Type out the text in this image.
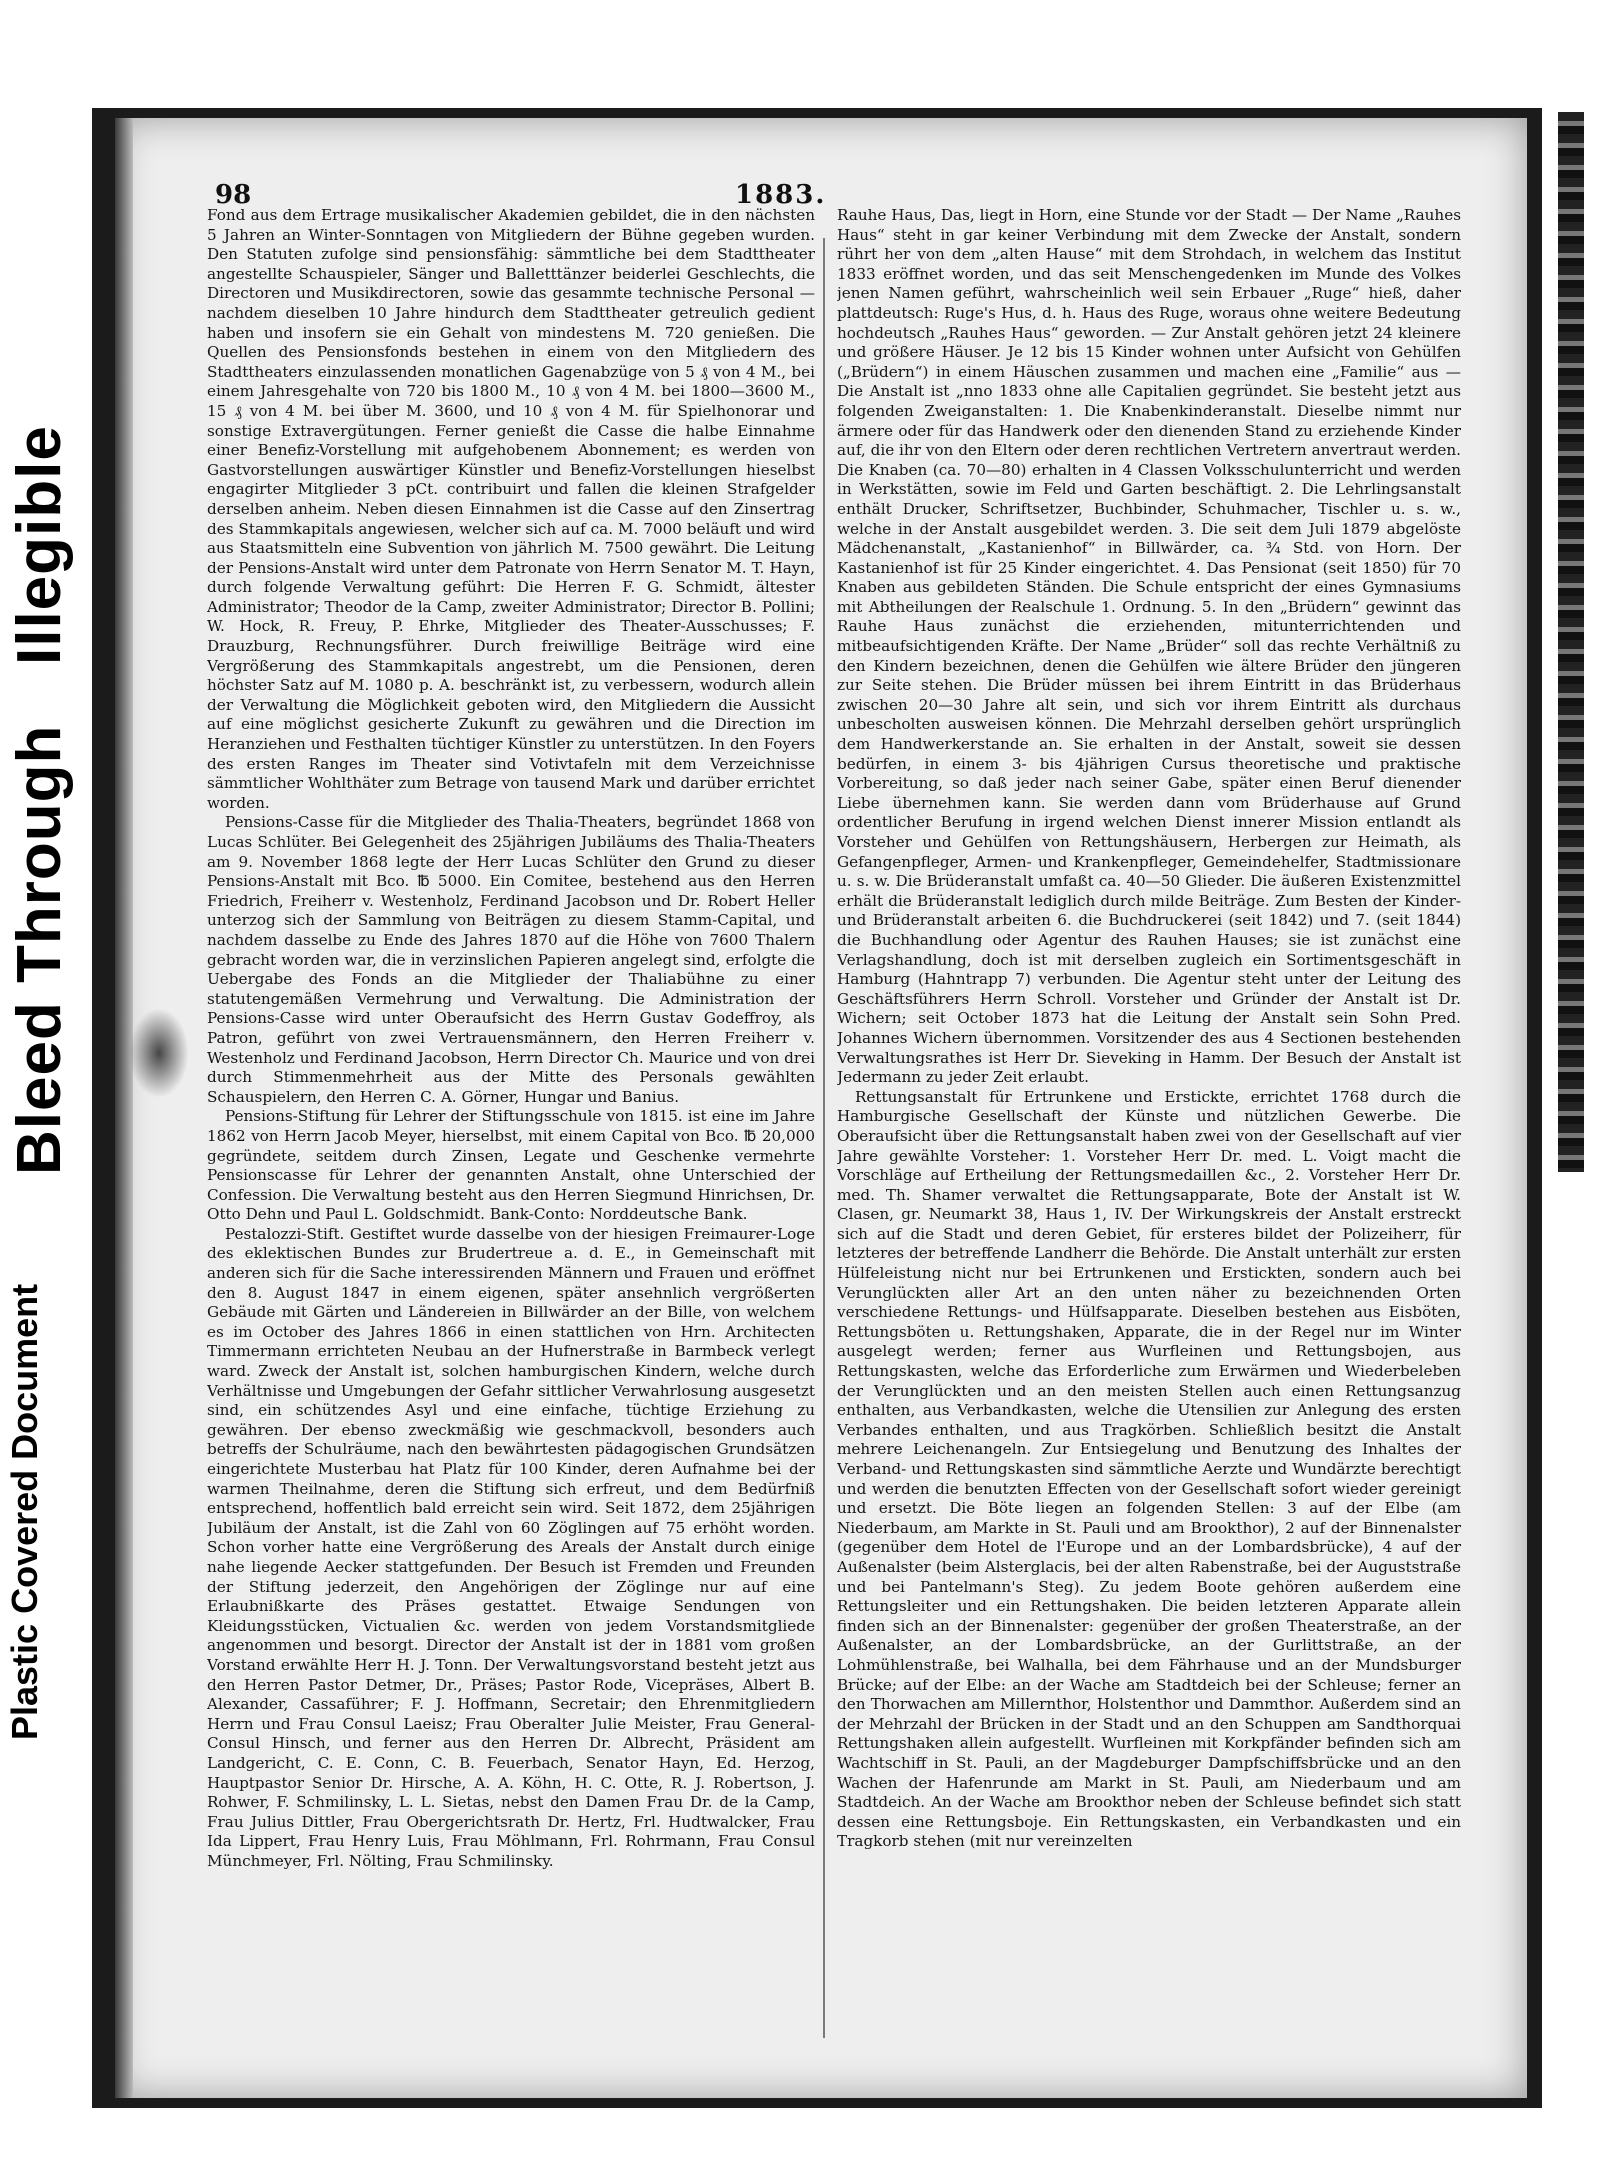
Plastic Covered Document
Bleed Through
Illegible
98	1883.

Fond aus dem Ertrage musikalischer Akademien gebildet, die in den nächsten 5 Jahren an Winter-Sonntagen von Mitgliedern der Bühne gegeben wurden. Den Statuten zufolge sind pensionsfähig: sämmtliche bei dem Stadttheater angestellte Schauspieler, Sänger und Balletttänzer beiderlei Geschlechts, die Directoren und Musikdirectoren, sowie das gesammte technische Personal — nachdem dieselben 10 Jahre hindurch dem Stadttheater getreulich gedient haben und insofern sie ein Gehalt von mindestens M. 720 genießen. Die Quellen des Pensionsfonds bestehen in einem von den Mitgliedern des Stadttheaters einzulassenden monatlichen Gagenabzüge von 5 ₰ von 4 M., bei einem Jahresgehalte von 720 bis 1800 M., 10 ₰ von 4 M. bei 1800—3600 M., 15 ₰ von 4 M. bei über M. 3600, und 10 ₰ von 4 M. für Spielhonorar und sonstige Extravergütungen. Ferner genießt die Casse die halbe Einnahme einer Benefiz-Vorstellung mit aufgehobenem Abonnement; es werden von Gastvorstellungen auswärtiger Künstler und Benefiz-Vorstellungen hieselbst engagirter Mitglieder 3 pCt. contribuirt und fallen die kleinen Strafgelder derselben anheim. Neben diesen Einnahmen ist die Casse auf den Zinsertrag des Stammkapitals angewiesen, welcher sich auf ca. M. 7000 beläuft und wird aus Staatsmitteln eine Subvention von jährlich M. 7500 gewährt. Die Leitung der Pensions-Anstalt wird unter dem Patronate von Herrn Senator M. T. Hayn, durch folgende Verwaltung geführt: Die Herren F. G. Schmidt, ältester Administrator; Theodor de la Camp, zweiter Administrator; Director B. Pollini; W. Hock, R. Freuy, P. Ehrke, Mitglieder des Theater-Ausschusses; F. Drauzburg, Rechnungsführer. Durch freiwillige Beiträge wird eine Vergrößerung des Stammkapitals angestrebt, um die Pensionen, deren höchster Satz auf M. 1080 p. A. beschränkt ist, zu verbessern, wodurch allein der Verwaltung die Möglichkeit geboten wird, den Mitgliedern die Aussicht auf eine möglichst gesicherte Zukunft zu gewähren und die Direction im Heranziehen und Festhalten tüchtiger Künstler zu unterstützen. In den Foyers des ersten Ranges im Theater sind Votivtafeln mit dem Verzeichnisse sämmtlicher Wohlthäter zum Betrage von tausend Mark und darüber errichtet worden.

Pensions-Casse für die Mitglieder des Thalia-Theaters, begründet 1868 von Lucas Schlüter. Bei Gelegenheit des 25jährigen Jubiläums des Thalia-Theaters am 9. November 1868 legte der Herr Lucas Schlüter den Grund zu dieser Pensions-Anstalt mit Bco. ℔ 5000. Ein Comitee, bestehend aus den Herren Friedrich, Freiherr v. Westenholz, Ferdinand Jacobson und Dr. Robert Heller unterzog sich der Sammlung von Beiträgen zu diesem Stamm-Capital, und nachdem dasselbe zu Ende des Jahres 1870 auf die Höhe von 7600 Thalern gebracht worden war, die in verzinslichen Papieren angelegt sind, erfolgte die Uebergabe des Fonds an die Mitglieder der Thaliabühne zu einer statutengemäßen Vermehrung und Verwaltung. Die Administration der Pensions-Casse wird unter Oberaufsicht des Herrn Gustav Godeffroy, als Patron, geführt von zwei Vertrauensmännern, den Herren Freiherr v. Westenholz und Ferdinand Jacobson, Herrn Director Ch. Maurice und von drei durch Stimmenmehrheit aus der Mitte des Personals gewählten Schauspielern, den Herren C. A. Görner, Hungar und Banius.

Pensions-Stiftung für Lehrer der Stiftungsschule von 1815. ist eine im Jahre 1862 von Herrn Jacob Meyer, hierselbst, mit einem Capital von Bco. ℔ 20,000 gegründete, seitdem durch Zinsen, Legate und Geschenke vermehrte Pensionscasse für Lehrer der genannten Anstalt, ohne Unterschied der Confession. Die Verwaltung besteht aus den Herren Siegmund Hinrichsen, Dr. Otto Dehn und Paul L. Goldschmidt. Bank-Conto: Norddeutsche Bank.

Pestalozzi-Stift. Gestiftet wurde dasselbe von der hiesigen Freimaurer-Loge des eklektischen Bundes zur Brudertreue a. d. E., in Gemeinschaft mit anderen sich für die Sache interessirenden Männern und Frauen und eröffnet den 8. August 1847 in einem eigenen, später ansehnlich vergrößerten Gebäude mit Gärten und Ländereien in Billwärder an der Bille, von welchem es im October des Jahres 1866 in einen stattlichen von Hrn. Architecten Timmermann errichteten Neubau an der Hufnerstraße in Barmbeck verlegt ward. Zweck der Anstalt ist, solchen hamburgischen Kindern, welche durch Verhältnisse und Umgebungen der Gefahr sittlicher Verwahrlosung ausgesetzt sind, ein schützendes Asyl und eine einfache, tüchtige Erziehung zu gewähren. Der ebenso zweckmäßig wie geschmackvoll, besonders auch betreffs der Schulräume, nach den bewährtesten pädagogischen Grundsätzen eingerichtete Musterbau hat Platz für 100 Kinder, deren Aufnahme bei der warmen Theilnahme, deren die Stiftung sich erfreut, und dem Bedürfniß entsprechend, hoffentlich bald erreicht sein wird. Seit 1872, dem 25jährigen Jubiläum der Anstalt, ist die Zahl von 60 Zöglingen auf 75 erhöht worden. Schon vorher hatte eine Vergrößerung des Areals der Anstalt durch einige nahe liegende Aecker stattgefunden. Der Besuch ist Fremden und Freunden der Stiftung jederzeit, den Angehörigen der Zöglinge nur auf eine Erlaubnißkarte des Präses gestattet. Etwaige Sendungen von Kleidungsstücken, Victualien &c. werden von jedem Vorstandsmitgliede angenommen und besorgt. Director der Anstalt ist der in 1881 vom großen Vorstand erwählte Herr H. J. Tonn. Der Verwaltungsvorstand besteht jetzt aus den Herren Pastor Detmer, Dr., Präses; Pastor Rode, Vicepräses, Albert B. Alexander, Cassaführer; F. J. Hoffmann, Secretair; den Ehrenmitgliedern Herrn und Frau Consul Laeisz; Frau Oberalter Julie Meister, Frau General-Consul Hinsch, und ferner aus den Herren Dr. Albrecht, Präsident am Landgericht, C. E. Conn, C. B. Feuerbach, Senator Hayn, Ed. Herzog, Hauptpastor Senior Dr. Hirsche, A. A. Köhn, H. C. Otte, R. J. Robertson, J. Rohwer, F. Schmilinsky, L. L. Sietas, nebst den Damen Frau Dr. de la Camp, Frau Julius Dittler, Frau Obergerichtsrath Dr. Hertz, Frl. Hudtwalcker, Frau Ida Lippert, Frau Henry Luis, Frau Möhlmann, Frl. Rohrmann, Frau Consul Münchmeyer, Frl. Nölting, Frau Schmilinsky.

Rauhe Haus, Das, liegt in Horn, eine Stunde vor der Stadt — Der Name „Rauhes Haus“ steht in gar keiner Verbindung mit dem Zwecke der Anstalt, sondern rührt her von dem „alten Hause“ mit dem Strohdach, in welchem das Institut 1833 eröffnet worden, und das seit Menschengedenken im Munde des Volkes jenen Namen geführt, wahrscheinlich weil sein Erbauer „Ruge“ hieß, daher plattdeutsch: Ruge's Hus, d. h. Haus des Ruge, woraus ohne weitere Bedeutung hochdeutsch „Rauhes Haus“ geworden. — Zur Anstalt gehören jetzt 24 kleinere und größere Häuser. Je 12 bis 15 Kinder wohnen unter Aufsicht von Gehülfen („Brüdern“) in einem Häuschen zusammen und machen eine „Familie“ aus — Die Anstalt ist „nno 1833 ohne alle Capitalien gegründet. Sie besteht jetzt aus folgenden Zweiganstalten: 1. Die Knabenkinderanstalt. Dieselbe nimmt nur ärmere oder für das Handwerk oder den dienenden Stand zu erziehende Kinder auf, die ihr von den Eltern oder deren rechtlichen Vertretern anvertraut werden. Die Knaben (ca. 70—80) erhalten in 4 Classen Volksschulunterricht und werden in Werkstätten, sowie im Feld und Garten beschäftigt. 2. Die Lehrlingsanstalt enthält Drucker, Schriftsetzer, Buchbinder, Schuhmacher, Tischler u. s. w., welche in der Anstalt ausgebildet werden. 3. Die seit dem Juli 1879 abgelöste Mädchenanstalt, „Kastanienhof“ in Billwärder, ca. ¾ Std. von Horn. Der Kastanienhof ist für 25 Kinder eingerichtet. 4. Das Pensionat (seit 1850) für 70 Knaben aus gebildeten Ständen. Die Schule entspricht der eines Gymnasiums mit Abtheilungen der Realschule 1. Ordnung. 5. In den „Brüdern“ gewinnt das Rauhe Haus zunächst die erziehenden, mitunterrichtenden und mitbeaufsichtigenden Kräfte. Der Name „Brüder“ soll das rechte Verhältniß zu den Kindern bezeichnen, denen die Gehülfen wie ältere Brüder den jüngeren zur Seite stehen. Die Brüder müssen bei ihrem Eintritt in das Brüderhaus zwischen 20—30 Jahre alt sein, und sich vor ihrem Eintritt als durchaus unbescholten ausweisen können. Die Mehrzahl derselben gehört ursprünglich dem Handwerkerstande an. Sie erhalten in der Anstalt, soweit sie dessen bedürfen, in einem 3- bis 4jährigen Cursus theoretische und praktische Vorbereitung, so daß jeder nach seiner Gabe, später einen Beruf dienender Liebe übernehmen kann. Sie werden dann vom Brüderhause auf Grund ordentlicher Berufung in irgend welchen Dienst innerer Mission entlandt als Vorsteher und Gehülfen von Rettungshäusern, Herbergen zur Heimath, als Gefangenpfleger, Armen- und Krankenpfleger, Gemeindehelfer, Stadtmissionare u. s. w. Die Brüderanstalt umfaßt ca. 40—50 Glieder. Die äußeren Existenzmittel erhält die Brüderanstalt lediglich durch milde Beiträge. Zum Besten der Kinder- und Brüderanstalt arbeiten 6. die Buchdruckerei (seit 1842) und 7. (seit 1844) die Buchhandlung oder Agentur des Rauhen Hauses; sie ist zunächst eine Verlagshandlung, doch ist mit derselben zugleich ein Sortimentsgeschäft in Hamburg (Hahntrapp 7) verbunden. Die Agentur steht unter der Leitung des Geschäftsführers Herrn Schroll. Vorsteher und Gründer der Anstalt ist Dr. Wichern; seit October 1873 hat die Leitung der Anstalt sein Sohn Pred. Johannes Wichern übernommen. Vorsitzender des aus 4 Sectionen bestehenden Verwaltungsrathes ist Herr Dr. Sieveking in Hamm. Der Besuch der Anstalt ist Jedermann zu jeder Zeit erlaubt.

Rettungsanstalt für Ertrunkene und Erstickte, errichtet 1768 durch die Hamburgische Gesellschaft der Künste und nützlichen Gewerbe. Die Oberaufsicht über die Rettungsanstalt haben zwei von der Gesellschaft auf vier Jahre gewählte Vorsteher: 1. Vorsteher Herr Dr. med. L. Voigt macht die Vorschläge auf Ertheilung der Rettungsmedaillen &c., 2. Vorsteher Herr Dr. med. Th. Shamer verwaltet die Rettungsapparate, Bote der Anstalt ist W. Clasen, gr. Neumarkt 38, Haus 1, IV. Der Wirkungskreis der Anstalt erstreckt sich auf die Stadt und deren Gebiet, für ersteres bildet der Polizeiherr, für letzteres der betreffende Landherr die Behörde. Die Anstalt unterhält zur ersten Hülfeleistung nicht nur bei Ertrunkenen und Erstickten, sondern auch bei Verunglückten aller Art an den unten näher zu bezeichnenden Orten verschiedene Rettungs- und Hülfsapparate. Dieselben bestehen aus Eisböten, Rettungsböten u. Rettungshaken, Apparate, die in der Regel nur im Winter ausgelegt werden; ferner aus Wurfleinen und Rettungsbojen, aus Rettungskasten, welche das Erforderliche zum Erwärmen und Wiederbeleben der Verunglückten und an den meisten Stellen auch einen Rettungsanzug enthalten, aus Verbandkasten, welche die Utensilien zur Anlegung des ersten Verbandes enthalten, und aus Tragkörben. Schließlich besitzt die Anstalt mehrere Leichenangeln. Zur Entsiegelung und Benutzung des Inhaltes der Verband- und Rettungskasten sind sämmtliche Aerzte und Wundärzte berechtigt und werden die benutzten Effecten von der Gesellschaft sofort wieder gereinigt und ersetzt. Die Böte liegen an folgenden Stellen: 3 auf der Elbe (am Niederbaum, am Markte in St. Pauli und am Brookthor), 2 auf der Binnenalster (gegenüber dem Hotel de l'Europe und an der Lombardsbrücke), 4 auf der Außenalster (beim Alsterglacis, bei der alten Rabenstraße, bei der Auguststraße und bei Pantelmann's Steg). Zu jedem Boote gehören außerdem eine Rettungsleiter und ein Rettungshaken. Die beiden letzteren Apparate allein finden sich an der Binnenalster: gegenüber der großen Theaterstraße, an der Außenalster, an der Lombardsbrücke, an der Gurlittstraße, an der Lohmühlenstraße, bei Walhalla, bei dem Fährhause und an der Mundsburger Brücke; auf der Elbe: an der Wache am Stadtdeich bei der Schleuse; ferner an den Thorwachen am Millernthor, Holstenthor und Dammthor. Außerdem sind an der Mehrzahl der Brücken in der Stadt und an den Schuppen am Sandthorquai Rettungshaken allein aufgestellt. Wurfleinen mit Korkpfänder befinden sich am Wachtschiff in St. Pauli, an der Magdeburger Dampfschiffsbrücke und an den Wachen der Hafenrunde am Markt in St. Pauli, am Niederbaum und am Stadtdeich. An der Wache am Brookthor neben der Schleuse befindet sich statt dessen eine Rettungsboje. Ein Rettungskasten, ein Verbandkasten und ein Tragkorb stehen (mit nur vereinzelten
